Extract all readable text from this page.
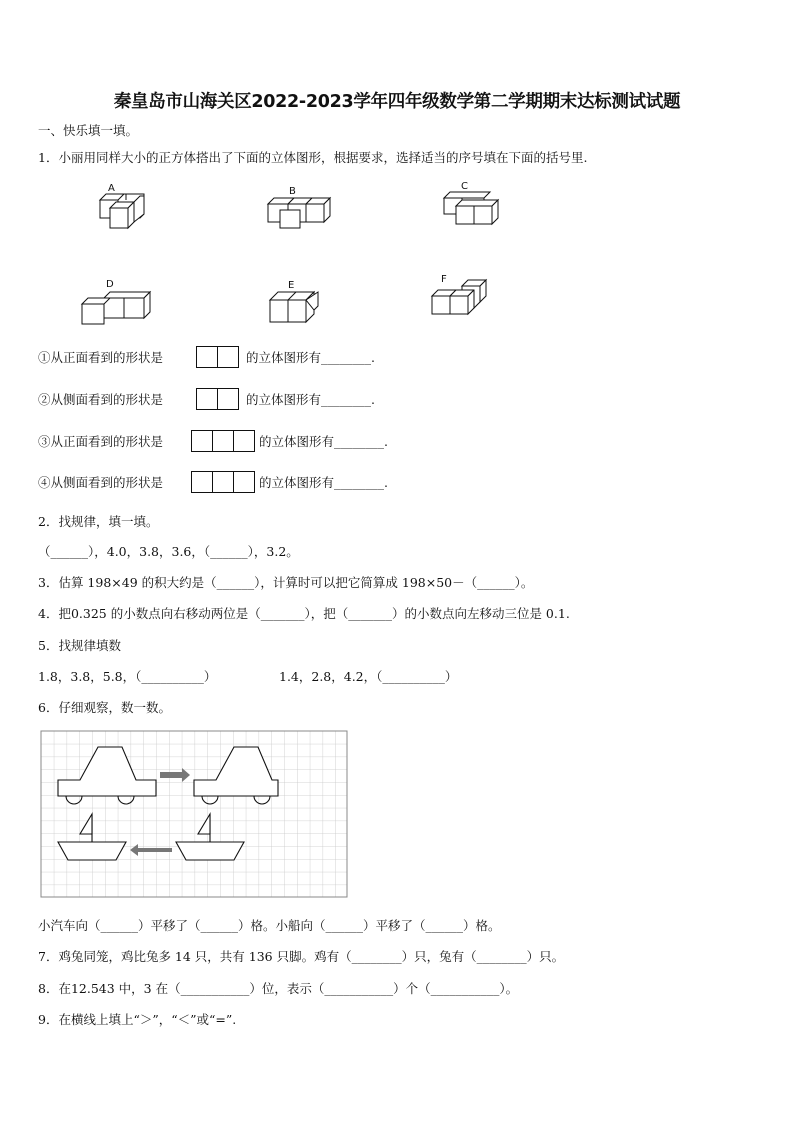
秦皇岛市山海关区2022-2023学年四年级数学第二学期期末达标测试试题
一、快乐填一填。
1．小丽用同样大小的正方体搭出了下面的立体图形，根据要求，选择适当的序号填在下面的括号里.
A	B	C
D	E
F
①从正面看到的形状是	的立体图形有________.
②从侧面看到的形状是	的立体图形有________.
③从正面看到的形状是	的立体图形有________.
④从侧面看到的形状是	的立体图形有________.
2．找规律，填一填。
（______），4.0，3.8，3.6，（______），3.2。
3．估算 198×49 的积大约是（______），计算时可以把它简算成 198×50－（______）。
4．把0.325 的小数点向右移动两位是（_______），把（_______）的小数点向左移动三位是 0.1.
5．找规律填数
1.8，3.8，5.8，（__________）	1.4，2.8，4.2，（__________）
6．仔细观察，数一数。
小汽车向（______）平移了（______）格。小船向（______）平移了（______）格。
7．鸡兔同笼，鸡比兔多 14 只，共有 136 只脚。鸡有（________）只，兔有（________）只。
8．在12.543 中，3 在（___________）位，表示（___________）个（___________）。
9．在横线上填上“＞”，“＜”或“=”.
